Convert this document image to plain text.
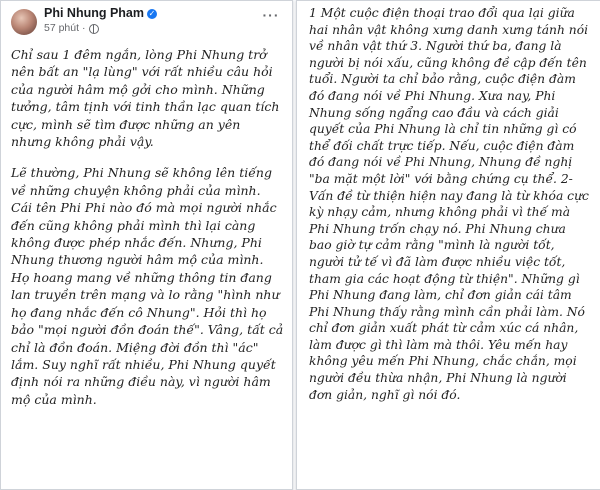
Phi Nhung Pham ✓
57 phút ·
···

Chỉ sau 1 đêm ngắn, lòng Phi Nhung trở nên bất an "lạ lùng" với rất nhiều câu hỏi của người hâm mộ gởi cho mình. Những tưởng, tâm tịnh với tinh thần lạc quan tích cực, mình sẽ tìm được những an yên nhưng không phải vậy.

Lẽ thường, Phi Nhung sẽ không lên tiếng về những chuyện không phải của mình. Cái tên Phi Phi nào đó mà mọi người nhắc đến cũng không phải mình thì lại càng không được phép nhắc đến. Nhưng, Phi Nhung thương người hâm mộ của mình. Họ hoang mang về những thông tin đang lan truyền trên mạng và lo rằng "hình như họ đang nhắc đến cô Nhung". Hỏi thì họ bảo "mọi người đồn đoán thế". Vâng, tất cả chỉ là đồn đoán. Miệng đời đồn thì "ác" lắm. Suy nghĩ rất nhiều, Phi Nhung quyết định nói ra những điều này, vì người hâm mộ của mình.

1 Một cuộc điện thoại trao đổi qua lại giữa hai nhân vật không xưng danh xưng tánh nói về nhân vật thứ 3. Người thứ ba, đang là người bị nói xấu, cũng không đề cập đến tên tuổi. Người ta chỉ bảo rằng, cuộc điện đàm đó đang nói về Phi Nhung. Xưa nay, Phi Nhung sống ngẩng cao đầu và cách giải quyết của Phi Nhung là chỉ tin những gì có thể đối chất trực tiếp. Nếu, cuộc điện đàm đó đang nói về Phi Nhung, Nhung đề nghị "ba mặt một lời" với bằng chứng cụ thể. 2-Vấn đề từ thiện hiện nay đang là từ khóa cực kỳ nhạy cảm, nhưng không phải vì thế mà Phi Nhung trốn chạy nó. Phi Nhung chưa bao giờ tự cảm rằng "mình là người tốt, người tử tế vì đã làm được nhiều việc tốt, tham gia các hoạt động từ thiện". Những gì Phi Nhung đang làm, chỉ đơn giản cái tâm Phi Nhung thấy rằng mình cần phải làm. Nó chỉ đơn giản xuất phát từ cảm xúc cá nhân, làm được gì thì làm mà thôi. Yêu mến hay không yêu mến Phi Nhung, chắc chắn, mọi người đều thừa nhận, Phi Nhung là người đơn giản, nghĩ gì nói đó.
